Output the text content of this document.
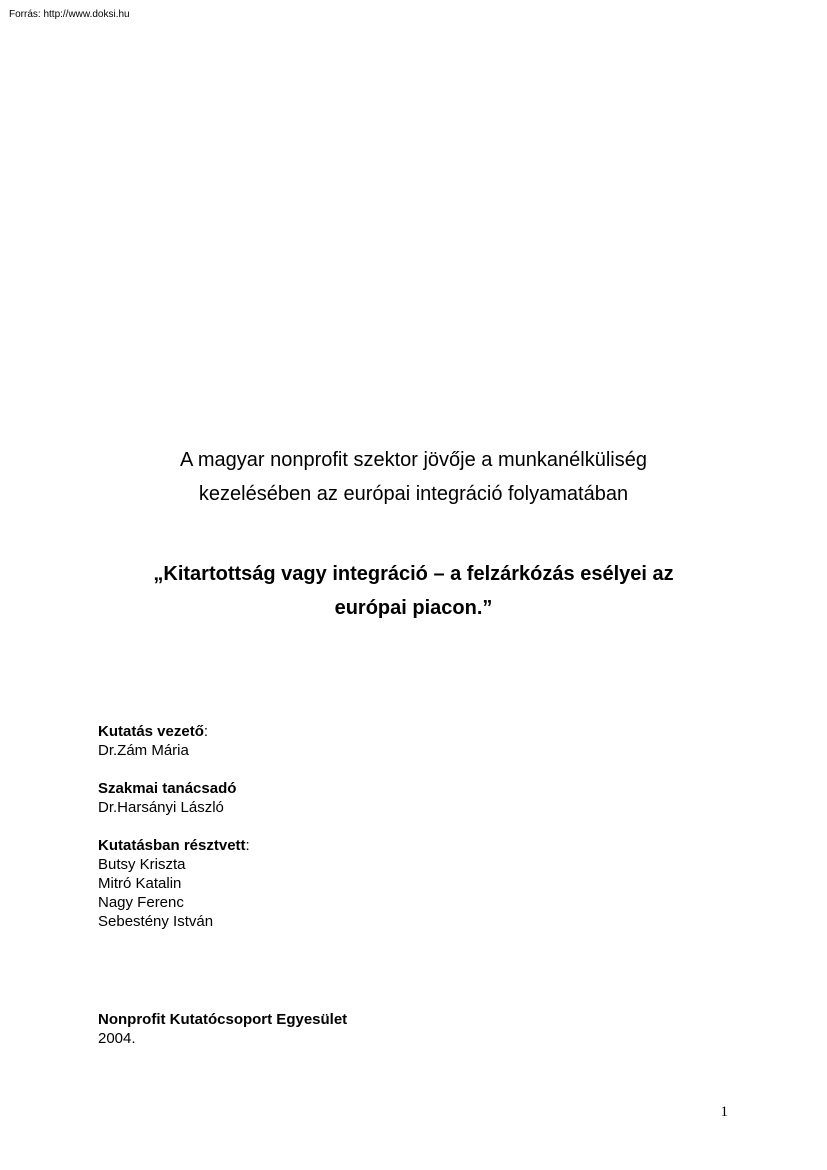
Forrás: http://www.doksi.hu
A magyar nonprofit szektor jövője a munkanélküliség
kezelésében az európai integráció folyamatában
„Kitartottság vagy integráció – a felzárkózás esélyei az
európai piacon.”
Kutatás vezető:
Dr.Zám Mária
Szakmai tanácsadó
Dr.Harsányi László
Kutatásban résztvett:
Butsy Kriszta
Mitró Katalin
Nagy Ferenc
Sebestény István
Nonprofit Kutatócsoport Egyesület
2004.
1
